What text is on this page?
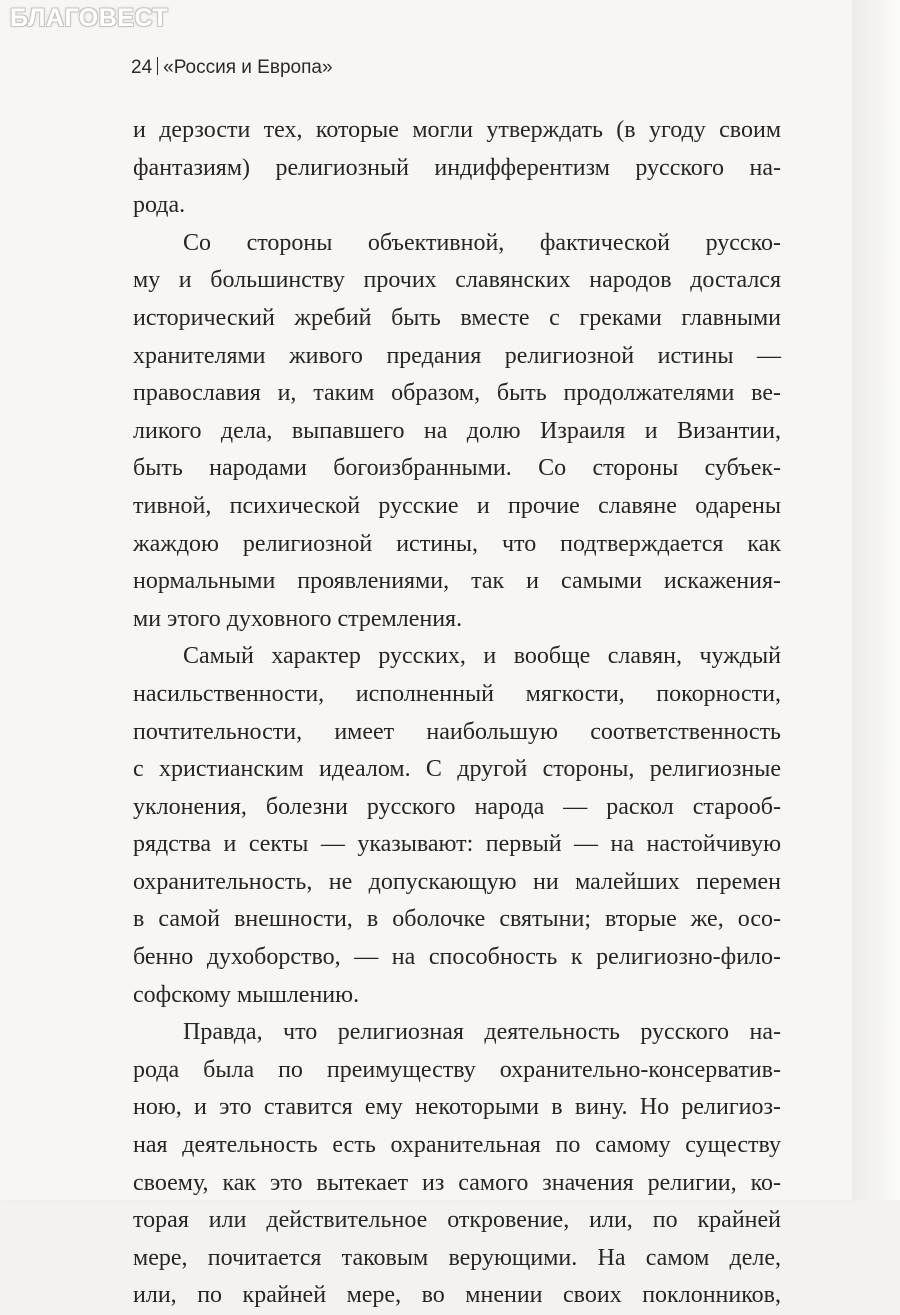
24 «Россия и Европа»
и дерзости тех, которые могли утверждать (в угоду своим
фантазиям) религиозный индифферентизм русского на-
рода.
Со стороны объективной, фактической русско-
му и большинству прочих славянских народов достался
исторический жребий быть вместе с греками главными
хранителями живого предания религиозной истины —
православия и, таким образом, быть продолжателями ве-
ликого дела, выпавшего на долю Израиля и Византии,
быть народами богоизбранными. Со стороны субъек-
тивной, психической русские и прочие славяне одарены
жаждою религиозной истины, что подтверждается как
нормальными проявлениями, так и самыми искажения-
ми этого духовного стремления.
Самый характер русских, и вообще славян, чуждый
насильственности, исполненный мягкости, покорности,
почтительности, имеет наибольшую соответственность
с христианским идеалом. С другой стороны, религиозные
уклонения, болезни русского народа — раскол старооб-
рядства и секты — указывают: первый — на настойчивую
охранительность, не допускающую ни малейших перемен
в самой внешности, в оболочке святыни; вторые же, осо-
бенно духоборство, — на способность к религиозно-фило-
софскому мышлению.
Правда, что религиозная деятельность русского на-
рода была по преимуществу охранительно-консерватив-
ною, и это ставится ему некоторыми в вину. Но религиоз-
ная деятельность есть охранительная по самому существу
своему, как это вытекает из самого значения религии, ко-
торая или действительное откровение, или, по крайней
мере, почитается таковым верующими. На самом деле,
или, по крайней мере, во мнении своих поклонников,
БЛАГОВЕСТ
